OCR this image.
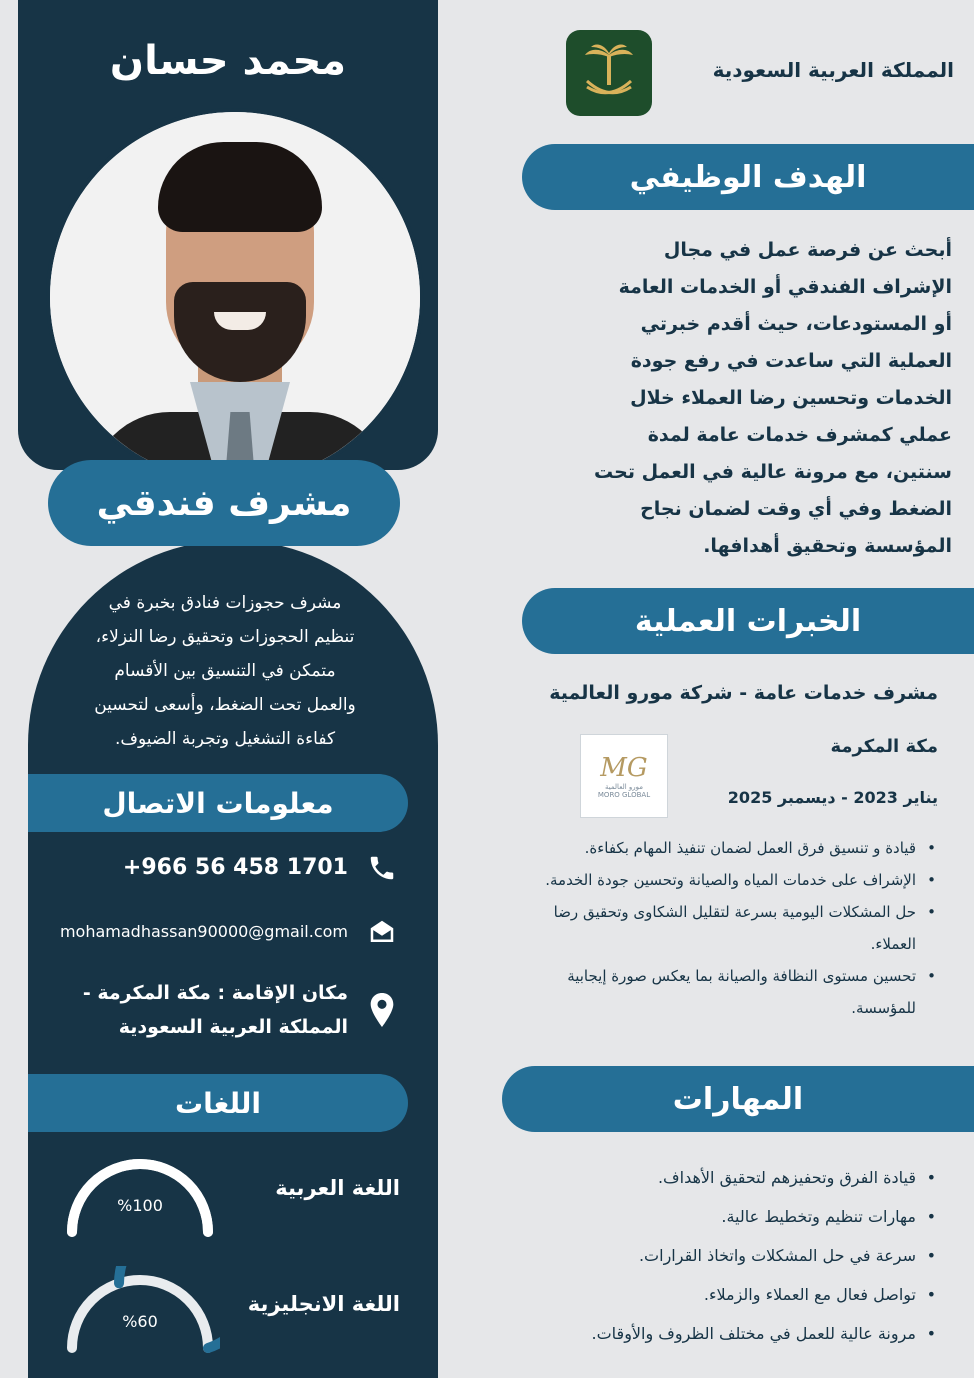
محمد حسان
مشرف فندقي
مشرف حجوزات فنادق بخبرة في
تنظيم الحجوزات وتحقيق رضا النزلاء،
متمكن في التنسيق بين الأقسام
والعمل تحت الضغط، وأسعى لتحسين
كفاءة التشغيل وتجربة الضيوف.
معلومات الاتصال
+966 56 458 1701
mohamadhassan90000@gmail.com
مكان الإقامة : مكة المكرمة -
المملكة العربية السعودية
اللغات
%100
اللغة العربية
%60
اللغة الانجليزية
المملكة العربية السعودية
الهدف الوظيفي
أبحث عن فرصة عمل في مجال
الإشراف الفندقي أو الخدمات العامة
أو المستودعات، حيث أقدم خبرتي
العملية التي ساعدت في رفع جودة
الخدمات وتحسين رضا العملاء خلال
عملي كمشرف خدمات عامة لمدة
سنتين، مع مرونة عالية في العمل تحت
الضغط وفي أي وقت لضمان نجاح
المؤسسة وتحقيق أهدافها.
الخبرات العملية
مشرف خدمات عامة - شركة مورو العالمية
مكة المكرمة
يناير 2023 - ديسمبر 2025
MG
مورو العالمية
MORO GLOBAL
• قيادة و تنسيق فرق العمل لضمان تنفيذ المهام بكفاءة.
• الإشراف على خدمات المياه والصيانة وتحسين جودة الخدمة.
• حل المشكلات اليومية بسرعة لتقليل الشكاوى وتحقيق رضا العملاء.
• تحسين مستوى النظافة والصيانة بما يعكس صورة إيجابية للمؤسسة.
المهارات
• قيادة الفرق وتحفيزهم لتحقيق الأهداف.
• مهارات تنظيم وتخطيط عالية.
• سرعة في حل المشكلات واتخاذ القرارات.
• تواصل فعال مع العملاء والزملاء.
• مرونة عالية للعمل في مختلف الظروف والأوقات.
